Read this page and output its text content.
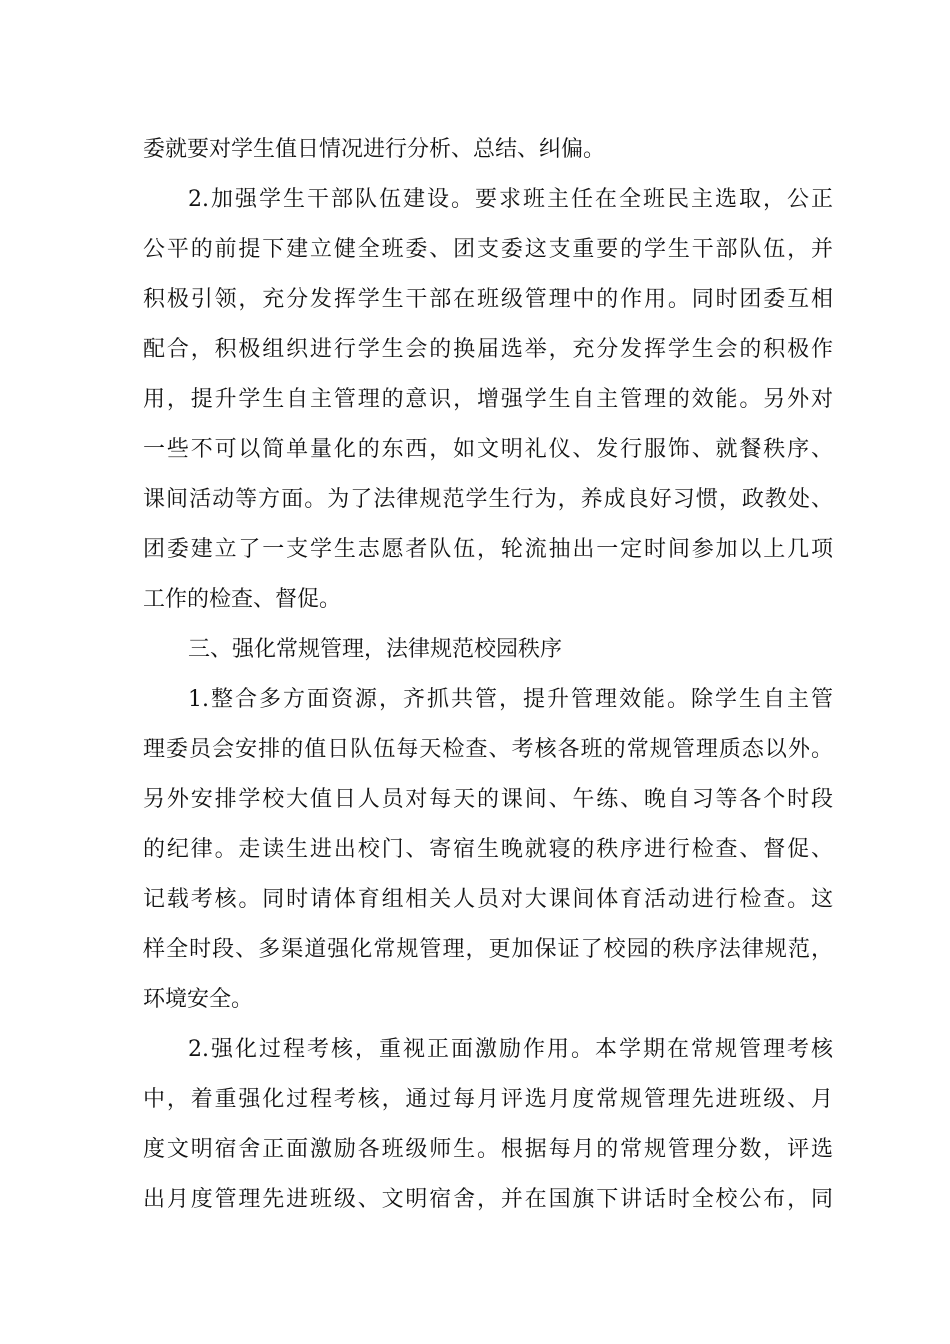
委就要对学生值日情况进行分析、总结、纠偏。
2.加强学生干部队伍建设。要求班主任在全班民主选取，公正
公平的前提下建立健全班委、团支委这支重要的学生干部队伍，并
积极引领，充分发挥学生干部在班级管理中的作用。同时团委互相
配合，积极组织进行学生会的换届选举，充分发挥学生会的积极作
用，提升学生自主管理的意识，增强学生自主管理的效能。另外对
一些不可以简单量化的东西，如文明礼仪、发行服饰、就餐秩序、
课间活动等方面。为了法律规范学生行为，养成良好习惯，政教处、
团委建立了一支学生志愿者队伍，轮流抽出一定时间参加以上几项
工作的检查、督促。
三、强化常规管理，法律规范校园秩序
1.整合多方面资源，齐抓共管，提升管理效能。除学生自主管
理委员会安排的值日队伍每天检查、考核各班的常规管理质态以外。
另外安排学校大值日人员对每天的课间、午练、晚自习等各个时段
的纪律。走读生进出校门、寄宿生晚就寝的秩序进行检查、督促、
记载考核。同时请体育组相关人员对大课间体育活动进行检查。这
样全时段、多渠道强化常规管理，更加保证了校园的秩序法律规范，
环境安全。
2.强化过程考核，重视正面激励作用。本学期在常规管理考核
中，着重强化过程考核，通过每月评选月度常规管理先进班级、月
度文明宿舍正面激励各班级师生。根据每月的常规管理分数，评选
出月度管理先进班级、文明宿舍，并在国旗下讲话时全校公布，同
